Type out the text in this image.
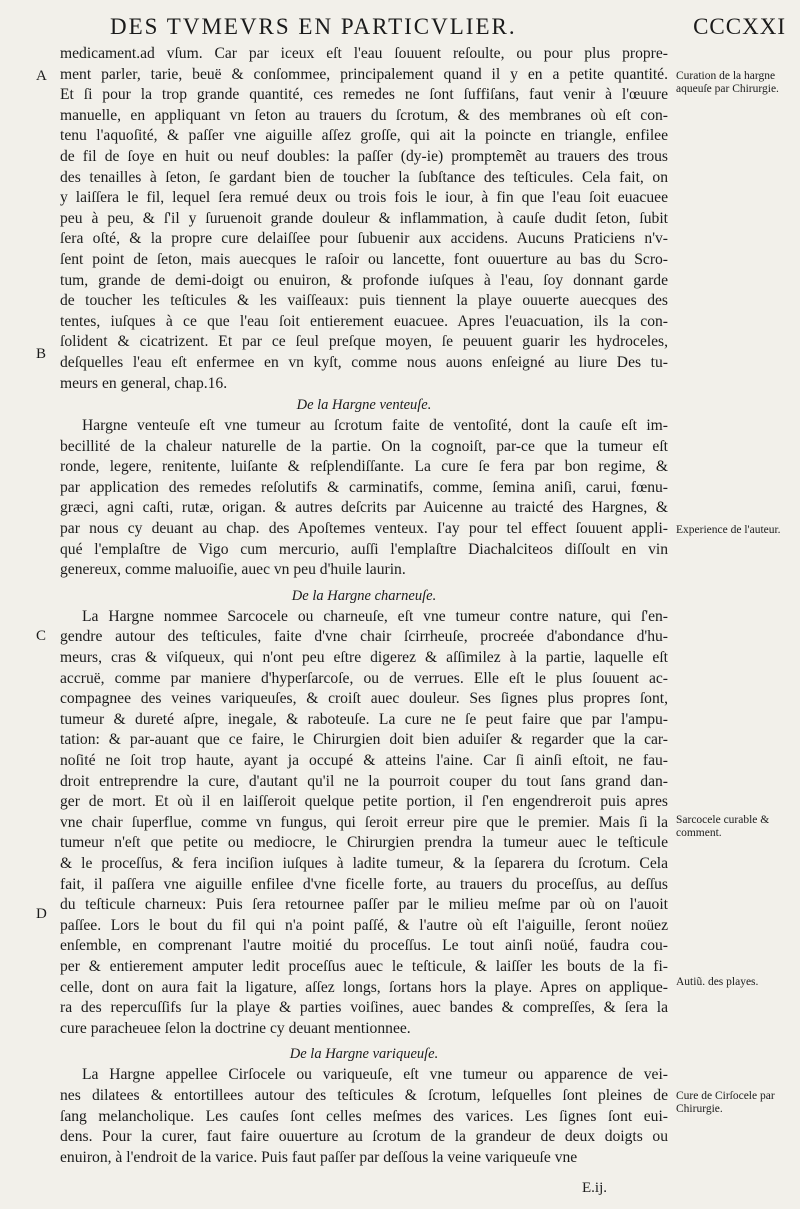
DES TVMEVRS EN PARTICVLIER.	CCCXXI
A
B
C
D
Curation de la hargne aqueuſe par Chirurgie.
Experience de l'auteur.
Sarcocele curable & comment.
Autiũ. des playes.
Cure de Cirſocele par Chirurgie.
medicament.ad vſum. Car par iceux eſt l'eau ſouuent reſoulte, ou pour plus propre-
ment parler, tarie, beuë & conſommee, principalement quand il y en a petite quantité.
Et ſi pour la trop grande quantité, ces remedes ne ſont ſuffiſans, faut venir à l'œuure
manuelle, en appliquant vn ſeton au trauers du ſcrotum, & des membranes où eſt con-
tenu l'aquoſité, & paſſer vne aiguille aſſez groſſe, qui ait la poincte en triangle, enfilee
de fil de ſoye en huit ou neuf doubles: la paſſer (dy-ie) promptemẽt au trauers des trous
des tenailles à ſeton, ſe gardant bien de toucher la ſubſtance des teſticules. Cela fait, on
y laiſſera le fil, lequel ſera remué deux ou trois fois le iour, à fin que l'eau ſoit euacuee
peu à peu, & ſ'il y ſuruenoit grande douleur & inflammation, à cauſe dudit ſeton, ſubit
ſera oſté, & la propre cure delaiſſee pour ſubuenir aux accidens. Aucuns Praticiens n'v-
ſent point de ſeton, mais auecques le raſoir ou lancette, font ouuerture au bas du Scro-
tum, grande de demi-doigt ou enuiron, & profonde iuſques à l'eau, ſoy donnant garde
de toucher les teſticules & les vaiſſeaux: puis tiennent la playe ouuerte auecques des
tentes, iuſques à ce que l'eau ſoit entierement euacuee. Apres l'euacuation, ils la con-
ſolident & cicatrizent. Et par ce ſeul preſque moyen, ſe peuuent guarir les hydroceles,
deſquelles l'eau eſt enfermee en vn kyſt, comme nous auons enſeigné au liure Des tu-
meurs en general, chap.16.
De la Hargne venteuſe.
Hargne venteuſe eſt vne tumeur au ſcrotum faite de ventoſité, dont la cauſe eſt im-
becillité de la chaleur naturelle de la partie. On la cognoiſt, par-ce que la tumeur eſt
ronde, legere, renitente, luiſante & reſplendiſſante. La cure ſe fera par bon regime, &
par application des remedes reſolutifs & carminatifs, comme, ſemina aniſi, carui, fœnu-
græci, agni caſti, rutæ, origan. & autres deſcrits par Auicenne au traicté des Hargnes, &
par nous cy deuant au chap. des Apoſtemes venteux. I'ay pour tel effect ſouuent appli-
qué l'emplaſtre de Vigo cum mercurio, auſſi l'emplaſtre Diachalciteos diſſoult en vin
genereux, comme maluoiſie, auec vn peu d'huile laurin.
De la Hargne charneuſe.
La Hargne nommee Sarcocele ou charneuſe, eſt vne tumeur contre nature, qui ſ'en-
gendre autour des teſticules, faite d'vne chair ſcirrheuſe, procreée d'abondance d'hu-
meurs, cras & viſqueux, qui n'ont peu eſtre digerez & aſſimilez à la partie, laquelle eſt
accruë, comme par maniere d'hyperſarcoſe, ou de verrues. Elle eſt le plus ſouuent ac-
compagnee des veines variqueuſes, & croiſt auec douleur. Ses ſignes plus propres ſont,
tumeur & dureté aſpre, inegale, & raboteuſe. La cure ne ſe peut faire que par l'ampu-
tation: & par-auant que ce faire, le Chirurgien doit bien aduiſer & regarder que la car-
noſité ne ſoit trop haute, ayant ja occupé & atteins l'aine. Car ſi ainſi eſtoit, ne fau-
droit entreprendre la cure, d'autant qu'il ne la pourroit couper du tout ſans grand dan-
ger de mort. Et où il en laiſſeroit quelque petite portion, il ſ'en engendreroit puis apres
vne chair ſuperflue, comme vn fungus, qui ſeroit erreur pire que le premier. Mais ſi la
tumeur n'eſt que petite ou mediocre, le Chirurgien prendra la tumeur auec le teſticule
& le proceſſus, & fera inciſion iuſques à ladite tumeur, & la ſeparera du ſcrotum. Cela
fait, il paſſera vne aiguille enfilee d'vne ficelle forte, au trauers du proceſſus, au deſſus
du teſticule charneux: Puis ſera retournee paſſer par le milieu meſme par où on l'auoit
paſſee. Lors le bout du fil qui n'a point paſſé, & l'autre où eſt l'aiguille, ſeront noüez
enſemble, en comprenant l'autre moitié du proceſſus. Le tout ainſi noüé, faudra cou-
per & entierement amputer ledit proceſſus auec le teſticule, & laiſſer les bouts de la fi-
celle, dont on aura fait la ligature, aſſez longs, ſortans hors la playe. Apres on applique-
ra des repercuſſifs ſur la playe & parties voiſines, auec bandes & compreſſes, & ſera la
cure paracheuee ſelon la doctrine cy deuant mentionnee.
De la Hargne variqueuſe.
La Hargne appellee Cirſocele ou variqueuſe, eſt vne tumeur ou apparence de vei-
nes dilatees & entortillees autour des teſticules & ſcrotum, leſquelles ſont pleines de
ſang melancholique. Les cauſes ſont celles meſmes des varices. Les ſignes ſont eui-
dens. Pour la curer, faut faire ouuerture au ſcrotum de la grandeur de deux doigts ou
enuiron, à l'endroit de la varice. Puis faut paſſer par deſſous la veine variqueuſe vne
E.ij.
